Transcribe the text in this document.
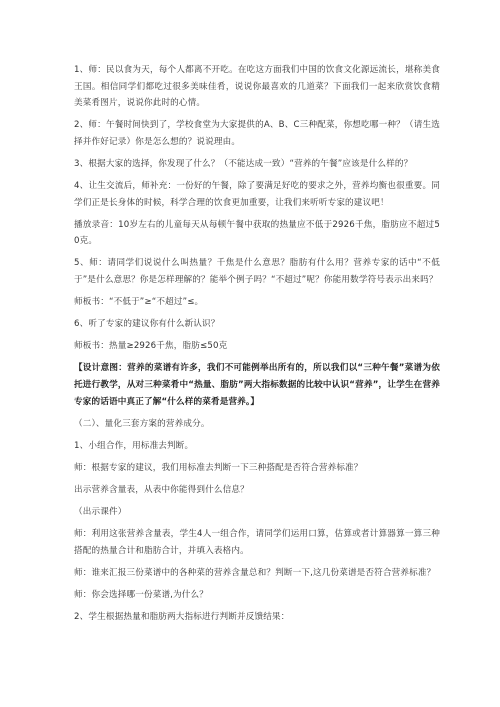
1、师：民以食为天，每个人都离不开吃。在吃这方面我们中国的饮食文化源远流长，堪称美食王国。相信同学们都吃过很多美味佳肴，说说你最喜欢的几道菜？下面我们一起来欣赏饮食精美菜肴图片，说说你此时的心情。

2、师：午餐时间快到了，学校食堂为大家提供的A、B、C三种配菜，你想吃哪一种？（请生选择并作好记录）你是怎么想的？说说理由。

3、根据大家的选择，你发现了什么？（不能达成一致）“营养的午餐”应该是什么样的？

4、让生交流后，师补充：一份好的午餐，除了要满足好吃的要求之外，营养均衡也很重要。同学们正是长身体的时候，科学合理的饮食更加重要，让我们来听听专家的建议吧！

播放录音：10岁左右的儿童每天从每顿午餐中获取的热量应不低于2926千焦，脂肪应不超过50克。

5、师：请同学们说说什么叫热量？千焦是什么意思？脂肪有什么用？营养专家的话中“不低于”是什么意思？你是怎样理解的？能举个例子吗？“不超过”呢？你能用数学符号表示出来吗？

师板书：“不低于”≥“不超过”≤。

6、听了专家的建议你有什么新认识？

师板书：热量≥2926千焦，脂肪≤50克

【设计意图：营养的菜谱有许多，我们不可能例举出所有的，所以我们以“三种午餐”菜谱为依托进行教学，从对三种菜肴中“热量、脂肪”两大指标数据的比较中认识“营养”，让学生在营养专家的话语中真正了解“什么样的菜肴是营养。】

（二）、量化三套方案的营养成分。

1、小组合作，用标准去判断。

师：根据专家的建议，我们用标准去判断一下三种搭配是否符合营养标准？

出示营养含量表，从表中你能得到什么信息？

（出示课件）

师：利用这张营养含量表，学生4人一组合作，请同学们运用口算，估算或者计算器算一算三种搭配的热量合计和脂肪合计，并填入表格内。

师：谁来汇报三份菜谱中的各种菜的营养含量总和？判断一下,这几份菜谱是否符合营养标准？

师：你会选择哪一份菜谱,为什么？

2、学生根据热量和脂肪两大指标进行判断并反馈结果：
